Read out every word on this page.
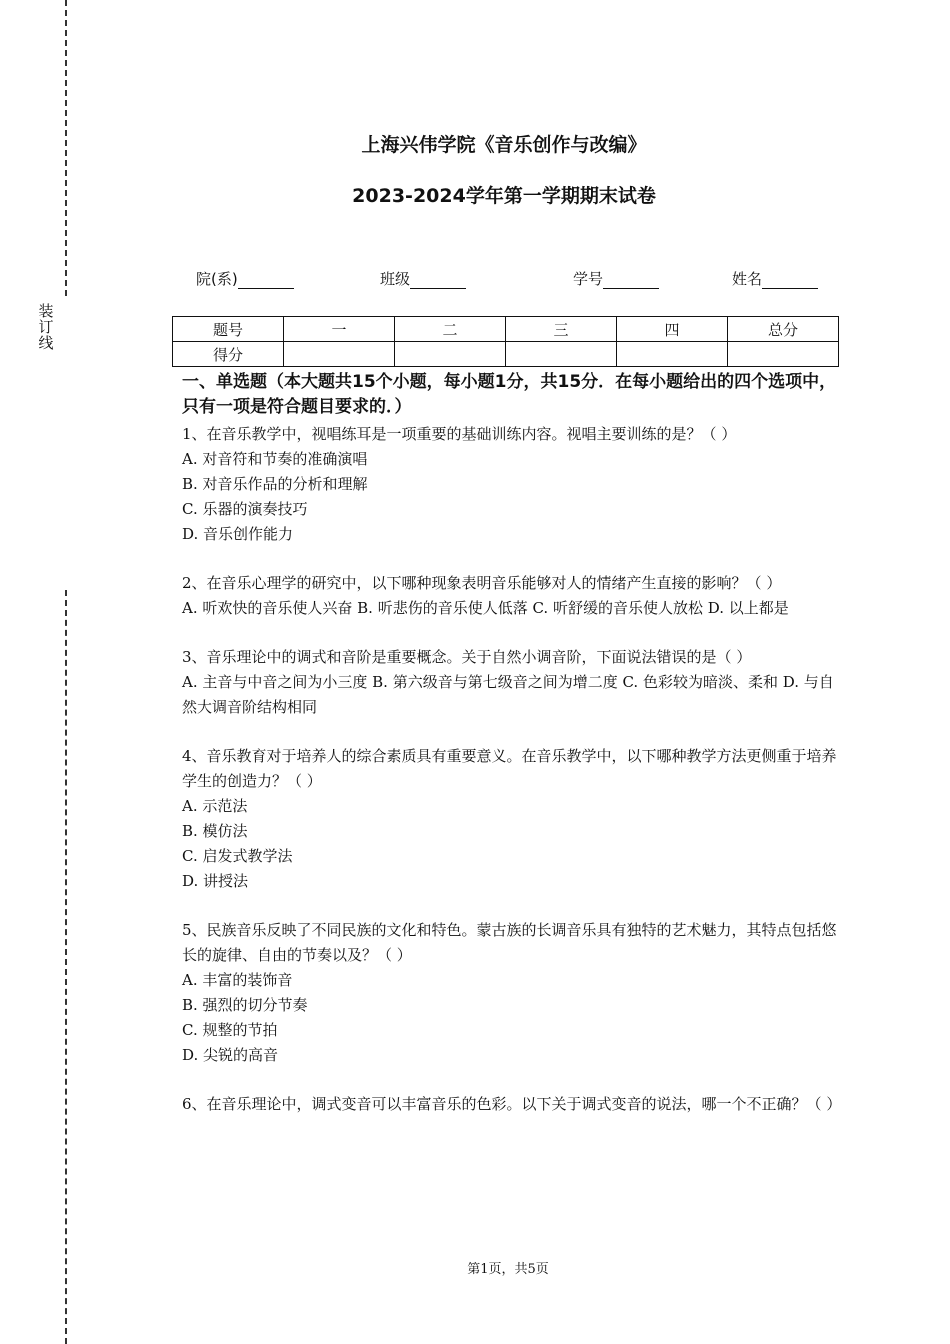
装
订
线
上海兴伟学院《音乐创作与改编》
2023-2024学年第一学期期末试卷
院(系)	班级	学号	姓名
题号	一	二	三	四	总分
得分					
一、单选题（本大题共15个小题，每小题1分，共15分．在每小题给出的四个选项中，只有一项是符合题目要求的．）

1、在音乐教学中，视唱练耳是一项重要的基础训练内容。视唱主要训练的是？（ ）

A. 对音符和节奏的准确演唱

B. 对音乐作品的分析和理解

C. 乐器的演奏技巧

D. 音乐创作能力

2、在音乐心理学的研究中，以下哪种现象表明音乐能够对人的情绪产生直接的影响？（ ）

A. 听欢快的音乐使人兴奋 B. 听悲伤的音乐使人低落 C. 听舒缓的音乐使人放松 D. 以上都是

3、音乐理论中的调式和音阶是重要概念。关于自然小调音阶，下面说法错误的是（ ）

A. 主音与中音之间为小三度 B. 第六级音与第七级音之间为增二度 C. 色彩较为暗淡、柔和 D. 与自然大调音阶结构相同

4、音乐教育对于培养人的综合素质具有重要意义。在音乐教学中，以下哪种教学方法更侧重于培养学生的创造力？（ ）

A. 示范法

B. 模仿法

C. 启发式教学法

D. 讲授法

5、民族音乐反映了不同民族的文化和特色。蒙古族的长调音乐具有独特的艺术魅力，其特点包括悠长的旋律、自由的节奏以及？（ ）

A. 丰富的装饰音

B. 强烈的切分节奏

C. 规整的节拍

D. 尖锐的高音

6、在音乐理论中，调式变音可以丰富音乐的色彩。以下关于调式变音的说法，哪一个不正确？（ ）

第1页，共5页
